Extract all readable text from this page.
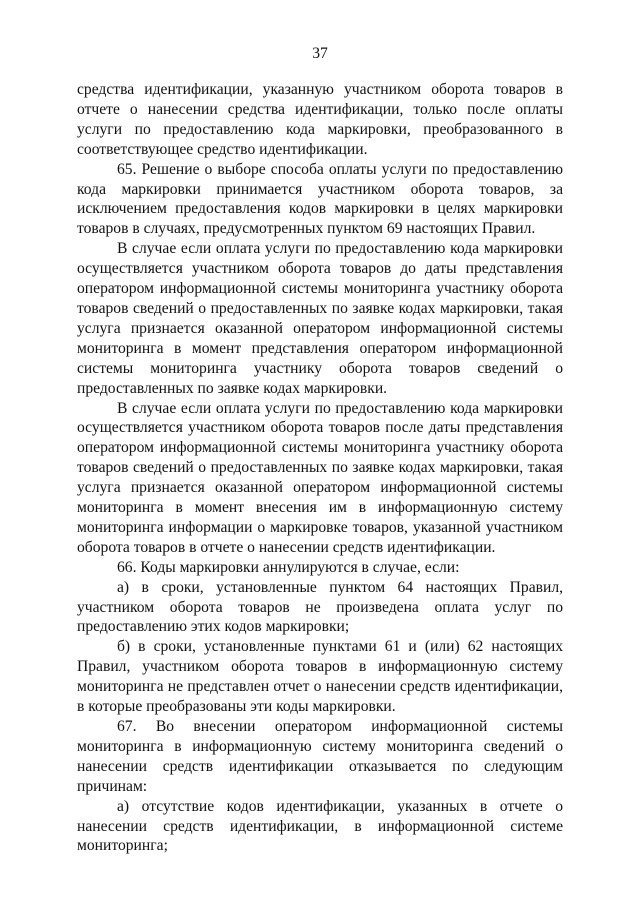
37

средства идентификации, указанную участником оборота товаров в отчете о нанесении средства идентификации, только после оплаты услуги по предоставлению кода маркировки, преобразованного в соответствующее средство идентификации.

65. Решение о выборе способа оплаты услуги по предоставлению кода маркировки принимается участником оборота товаров, за исключением предоставления кодов маркировки в целях маркировки товаров в случаях, предусмотренных пунктом 69 настоящих Правил.

В случае если оплата услуги по предоставлению кода маркировки осуществляется участником оборота товаров до даты представления оператором информационной системы мониторинга участнику оборота товаров сведений о предоставленных по заявке кодах маркировки, такая услуга признается оказанной оператором информационной системы мониторинга в момент представления оператором информационной системы мониторинга участнику оборота товаров сведений о предоставленных по заявке кодах маркировки.

В случае если оплата услуги по предоставлению кода маркировки осуществляется участником оборота товаров после даты представления оператором информационной системы мониторинга участнику оборота товаров сведений о предоставленных по заявке кодах маркировки, такая услуга признается оказанной оператором информационной системы мониторинга в момент внесения им в информационную систему мониторинга информации о маркировке товаров, указанной участником оборота товаров в отчете о нанесении средств идентификации.

66. Коды маркировки аннулируются в случае, если:

а) в сроки, установленные пунктом 64 настоящих Правил, участником оборота товаров не произведена оплата услуг по предоставлению этих кодов маркировки;

б) в сроки, установленные пунктами 61 и (или) 62 настоящих Правил, участником оборота товаров в информационную систему мониторинга не представлен отчет о нанесении средств идентификации, в которые преобразованы эти коды маркировки.

67. Во внесении оператором информационной системы мониторинга в информационную систему мониторинга сведений о нанесении средств идентификации отказывается по следующим причинам:

а) отсутствие кодов идентификации, указанных в отчете о нанесении средств идентификации, в информационной системе мониторинга;
